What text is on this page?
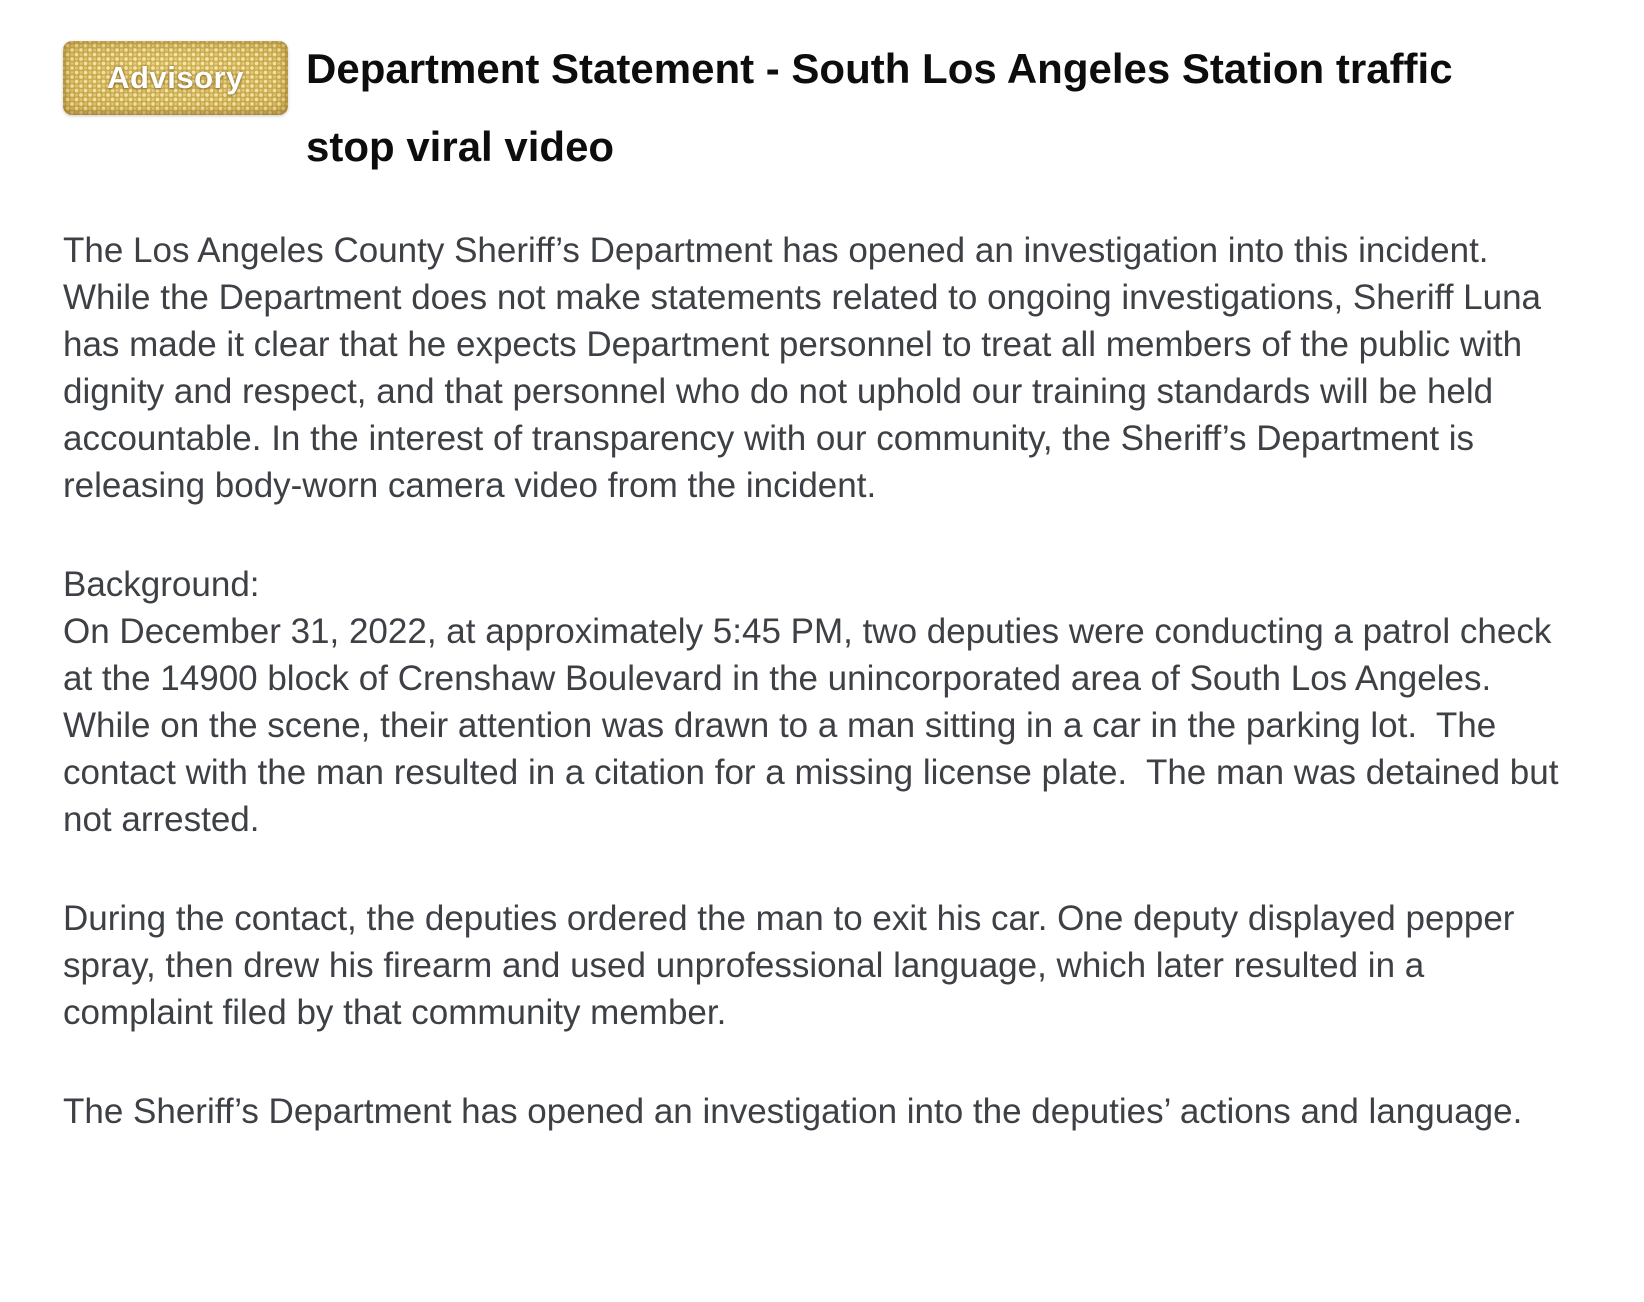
Advisory Department Statement - South Los Angeles Station traffic stop viral video

The Los Angeles County Sheriff’s Department has opened an investigation into this incident. While the Department does not make statements related to ongoing investigations, Sheriff Luna has made it clear that he expects Department personnel to treat all members of the public with dignity and respect, and that personnel who do not uphold our training standards will be held accountable. In the interest of transparency with our community, the Sheriff’s Department is releasing body-worn camera video from the incident.

Background:
On December 31, 2022, at approximately 5:45 PM, two deputies were conducting a patrol check at the 14900 block of Crenshaw Boulevard in the unincorporated area of South Los Angeles.  While on the scene, their attention was drawn to a man sitting in a car in the parking lot.  The contact with the man resulted in a citation for a missing license plate.  The man was detained but not arrested.

During the contact, the deputies ordered the man to exit his car. One deputy displayed pepper spray, then drew his firearm and used unprofessional language, which later resulted in a complaint filed by that community member.

The Sheriff’s Department has opened an investigation into the deputies’ actions and language.
